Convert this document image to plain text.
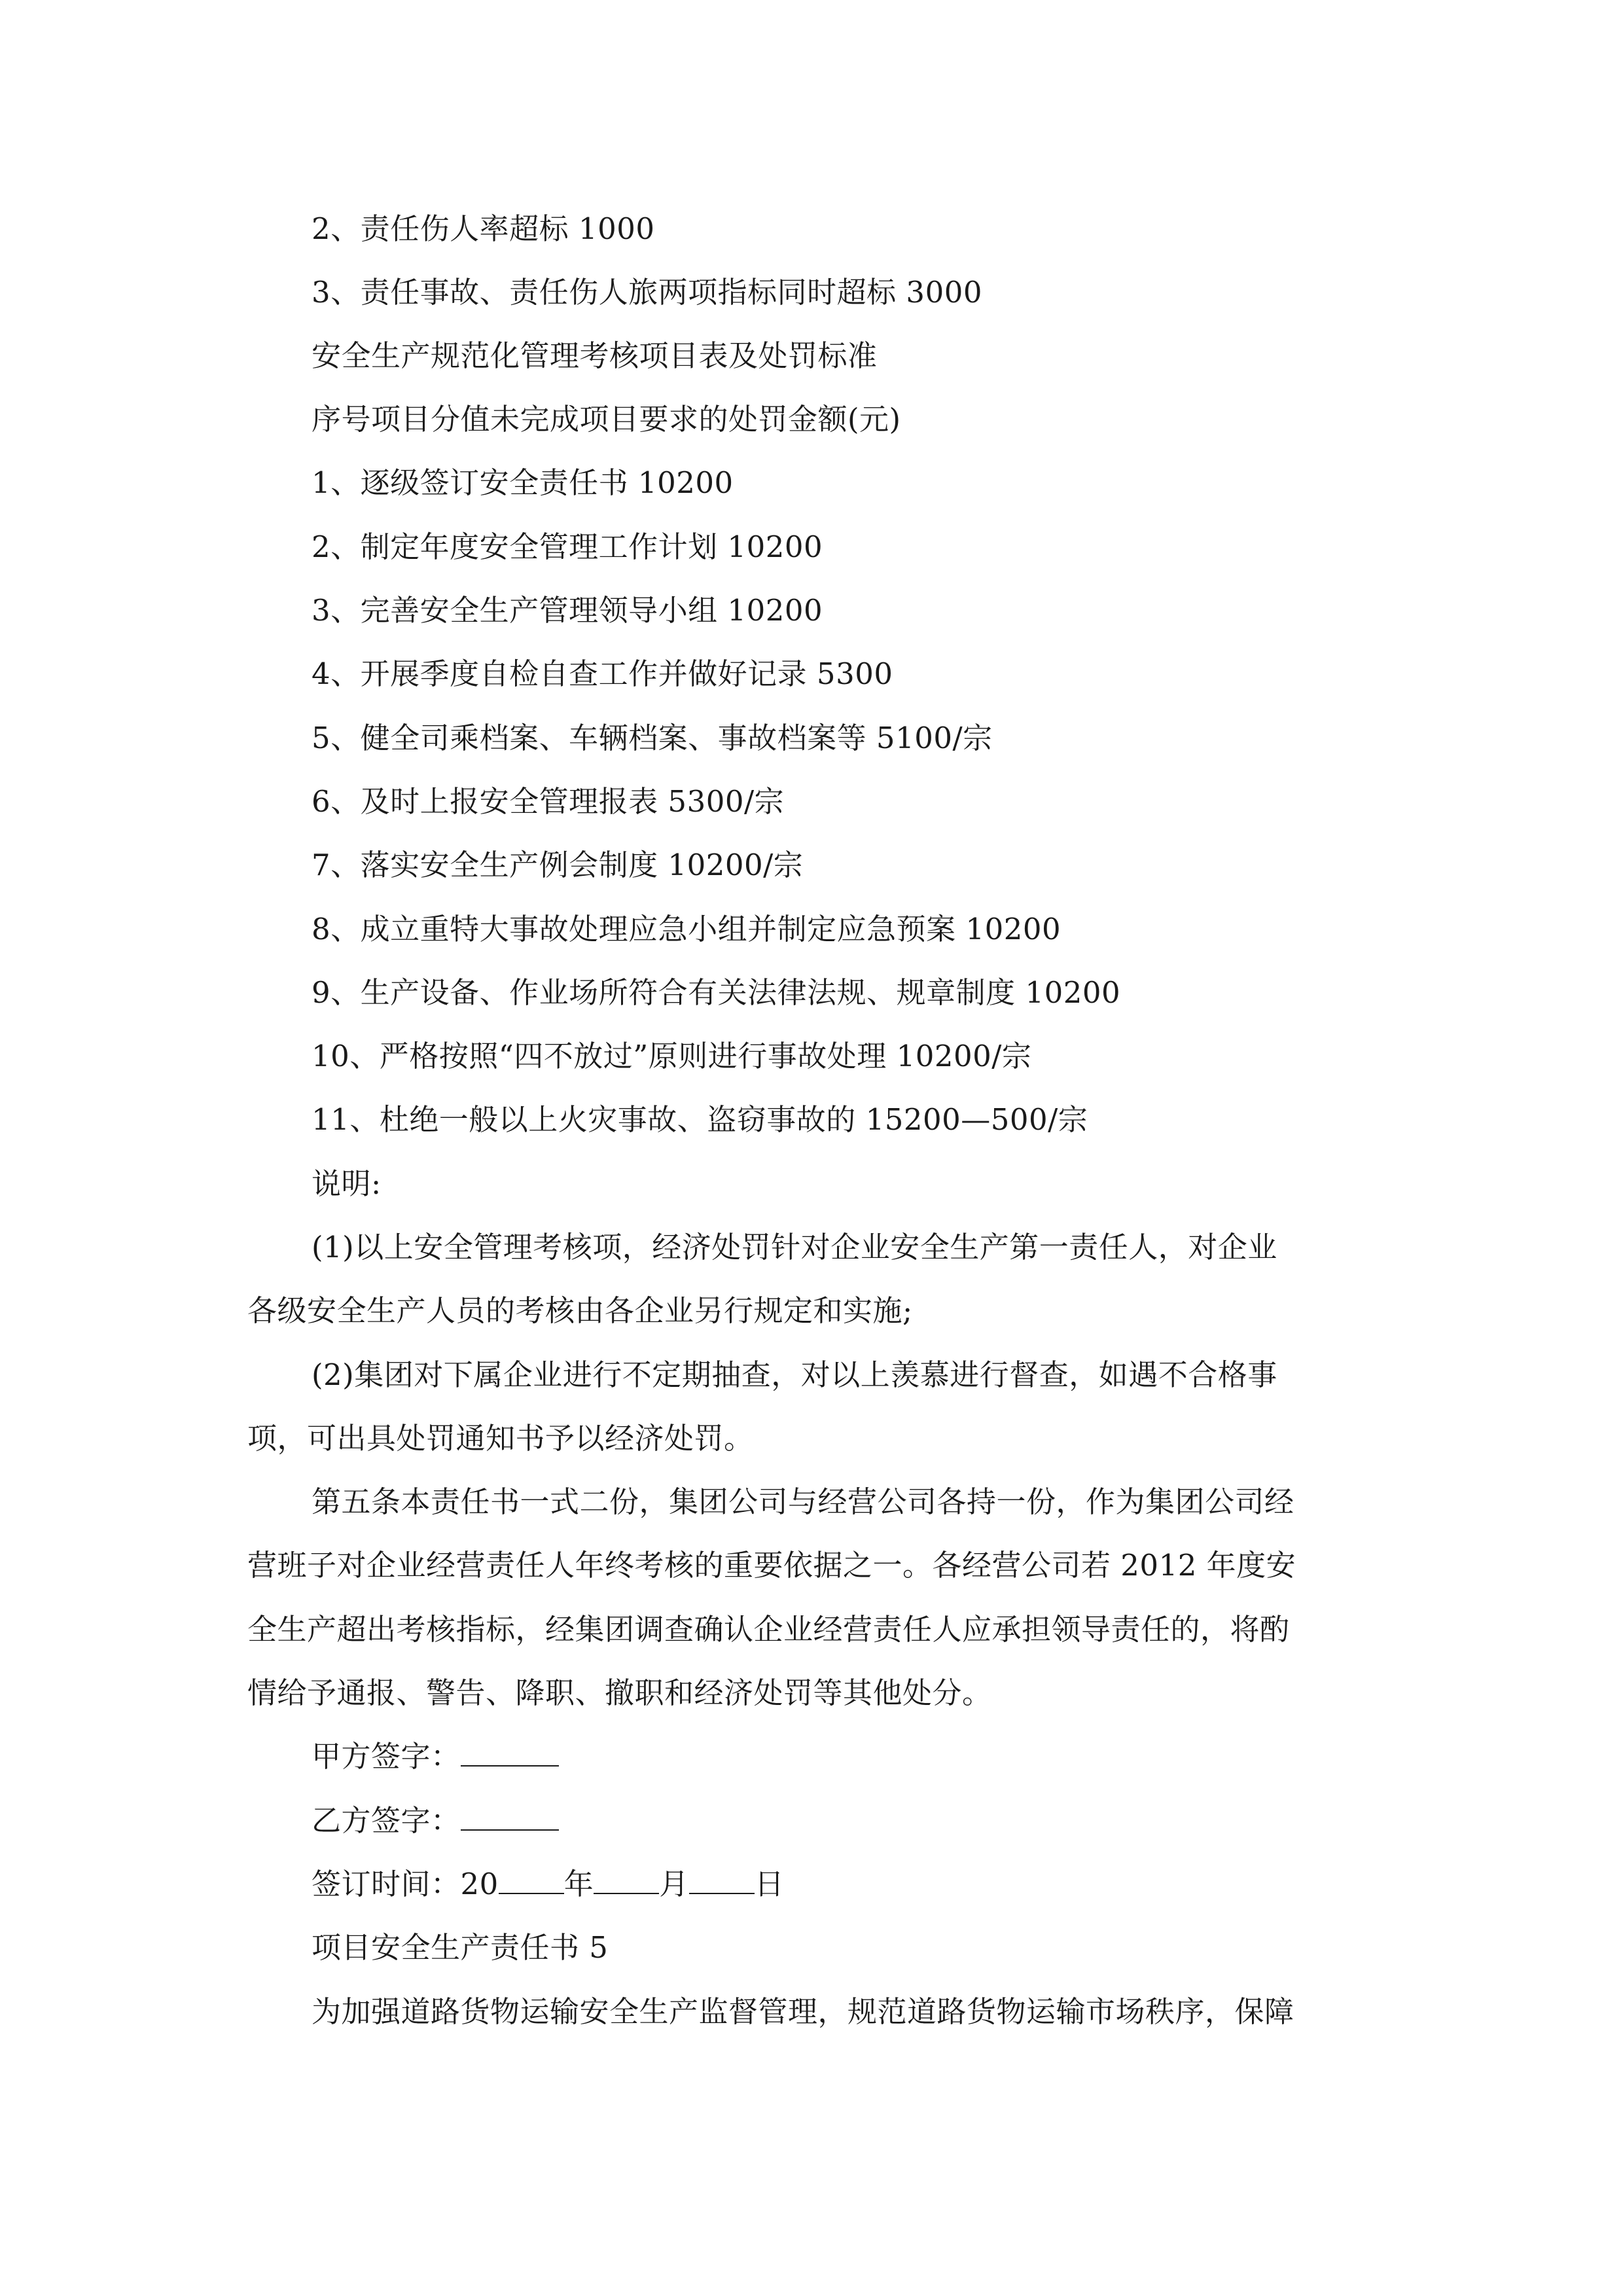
2、责任伤人率超标 1000
3、责任事故、责任伤人旅两项指标同时超标 3000
安全生产规范化管理考核项目表及处罚标准
序号项目分值未完成项目要求的处罚金额(元)
1、逐级签订安全责任书 10200
2、制定年度安全管理工作计划 10200
3、完善安全生产管理领导小组 10200
4、开展季度自检自查工作并做好记录 5300
5、健全司乘档案、车辆档案、事故档案等 5100/宗
6、及时上报安全管理报表 5300/宗
7、落实安全生产例会制度 10200/宗
8、成立重特大事故处理应急小组并制定应急预案 10200
9、生产设备、作业场所符合有关法律法规、规章制度 10200
10、严格按照“四不放过”原则进行事故处理 10200/宗
11、杜绝一般以上火灾事故、盗窃事故的 15200—500/宗
说明:
(1)以上安全管理考核项，经济处罚针对企业安全生产第一责任人，对企业
各级安全生产人员的考核由各企业另行规定和实施;
(2)集团对下属企业进行不定期抽查，对以上羡慕进行督查，如遇不合格事
项，可出具处罚通知书予以经济处罚。
第五条本责任书一式二份，集团公司与经营公司各持一份，作为集团公司经
营班子对企业经营责任人年终考核的重要依据之一。各经营公司若 2012 年度安
全生产超出考核指标，经集团调查确认企业经营责任人应承担领导责任的，将酌
情给予通报、警告、降职、撤职和经济处罚等其他处分。
甲方签字：
乙方签字：
签订时间：20 年 月 日
项目安全生产责任书 5
为加强道路货物运输安全生产监督管理，规范道路货物运输市场秩序，保障
